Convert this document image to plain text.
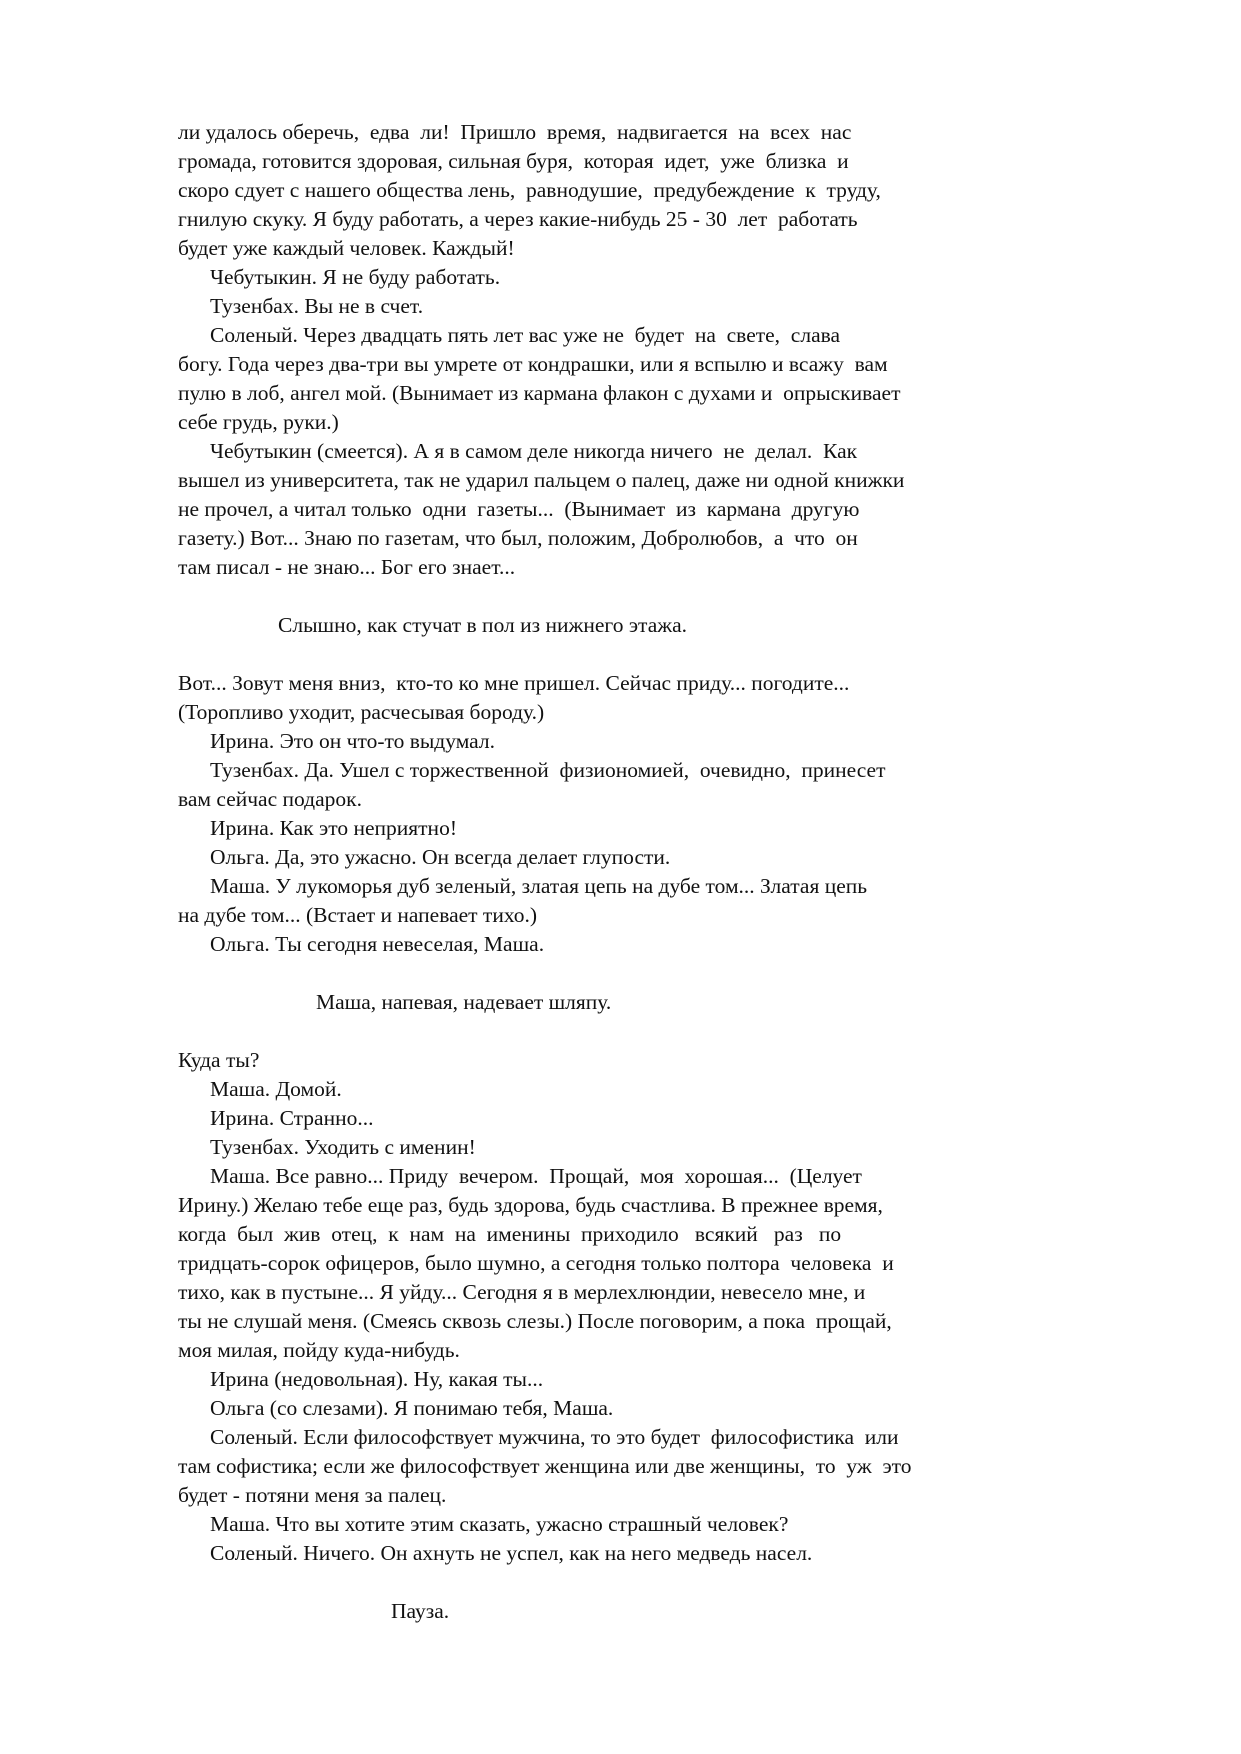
ли удалось оберечь,  едва  ли!  Пришло  время,  надвигается  на  всех  нас
громада, готовится здоровая, сильная буря,  которая  идет,  уже  близка  и
скоро сдует с нашего общества лень,  равнодушие,  предубеждение  к  труду,
гнилую скуку. Я буду работать, а через какие-нибудь 25 - 30  лет  работать
будет уже каждый человек. Каждый!
Чебутыкин. Я не буду работать.
Тузенбах. Вы не в счет.
Соленый. Через двадцать пять лет вас уже не  будет  на  свете,  слава
богу. Года через два-три вы умрете от кондрашки, или я вспылю и всажу  вам
пулю в лоб, ангел мой. (Вынимает из кармана флакон с духами и  опрыскивает
себе грудь, руки.)
Чебутыкин (смеется). А я в самом деле никогда ничего  не  делал.  Как
вышел из университета, так не ударил пальцем о палец, даже ни одной книжки
не прочел, а читал только  одни  газеты...  (Вынимает  из  кармана  другую
газету.) Вот... Знаю по газетам, что был, положим, Добролюбов,  а  что  он
там писал - не знаю... Бог его знает...
Слышно, как стучат в пол из нижнего этажа.
Вот... Зовут меня вниз,  кто-то ко мне пришел. Сейчас приду... погодите...
(Торопливо уходит, расчесывая бороду.)
Ирина. Это он что-то выдумал.
Тузенбах. Да. Ушел с торжественной  физиономией,  очевидно,  принесет
вам сейчас подарок.
Ирина. Как это неприятно!
Ольга. Да, это ужасно. Он всегда делает глупости.
Маша. У лукоморья дуб зеленый, златая цепь на дубе том... Златая цепь
на дубе том... (Встает и напевает тихо.)
Ольга. Ты сегодня невеселая, Маша.
Маша, напевая, надевает шляпу.
Куда ты?
Маша. Домой.
Ирина. Странно...
Тузенбах. Уходить с именин!
Маша. Все равно... Приду  вечером.  Прощай,  моя  хорошая...  (Целует
Ирину.) Желаю тебе еще раз, будь здорова, будь счастлива. В прежнее время,
когда  был  жив  отец,  к  нам  на  именины  приходило   всякий   раз   по
тридцать-сорок офицеров, было шумно, а сегодня только полтора  человека  и
тихо, как в пустыне... Я уйду... Сегодня я в мерлехлюндии, невесело мне, и
ты не слушай меня. (Смеясь сквозь слезы.) После поговорим, а пока  прощай,
моя милая, пойду куда-нибудь.
Ирина (недовольная). Ну, какая ты...
Ольга (со слезами). Я понимаю тебя, Маша.
Соленый. Если философствует мужчина, то это будет  философистика  или
там софистика; если же философствует женщина или две женщины,  то  уж  это
будет - потяни меня за палец.
Маша. Что вы хотите этим сказать, ужасно страшный человек?
Соленый. Ничего. Он ахнуть не успел, как на него медведь насел.
Пауза.
